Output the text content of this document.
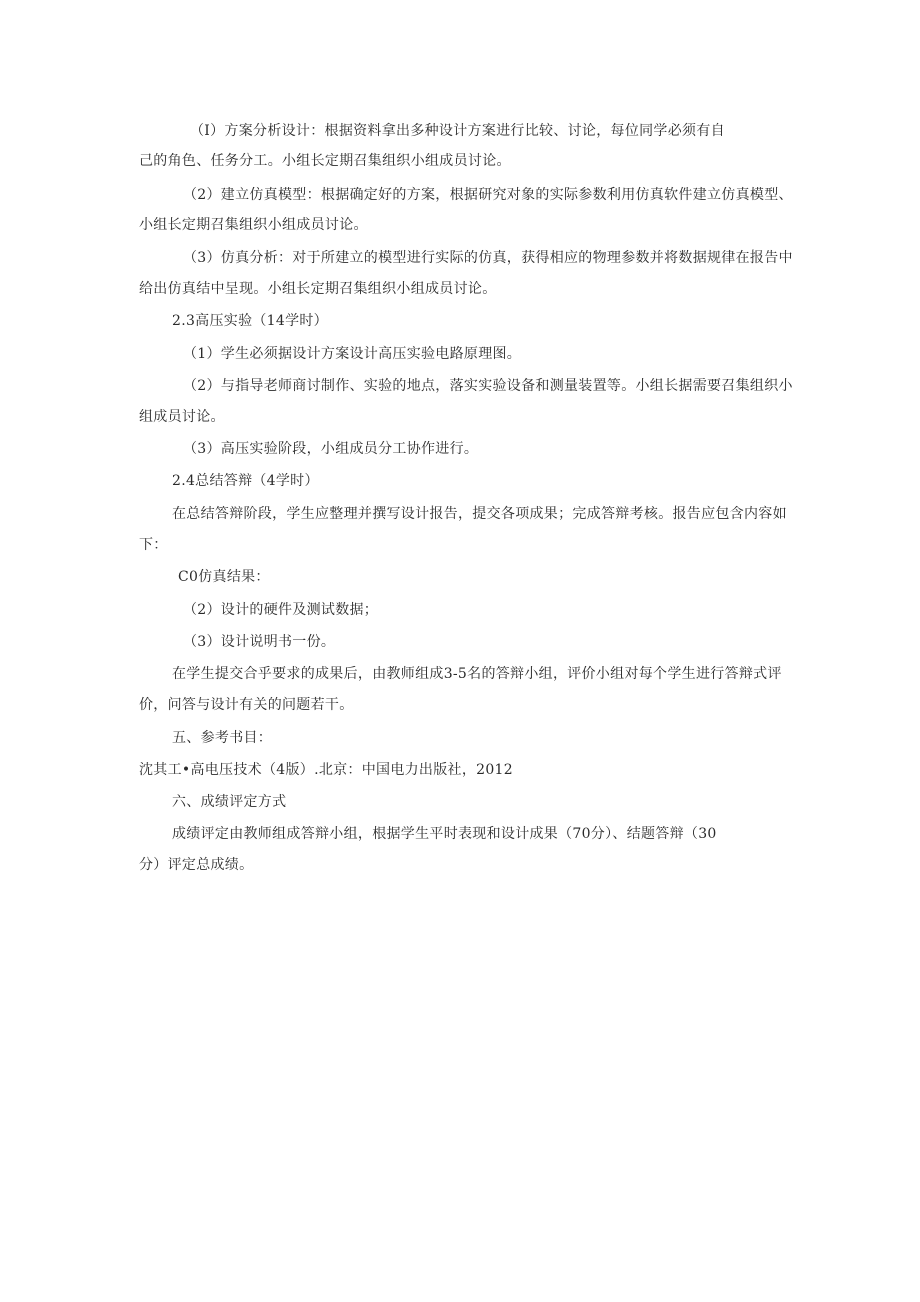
（I）方案分析设计：根据资料拿出多种设计方案进行比较、讨论，每位同学必须有自
己的角色、任务分工。小组长定期召集组织小组成员讨论。
（2）建立仿真模型：根据确定好的方案，根据研究对象的实际参数利用仿真软件建立仿真模型、
小组长定期召集组织小组成员讨论。
（3）仿真分析：对于所建立的模型进行实际的仿真，获得相应的物理参数并将数据规律在报告中
给出仿真结中呈现。小组长定期召集组织小组成员讨论。
2.3高压实验（14学时）
（1）学生必须据设计方案设计高压实验电路原理图。
（2）与指导老师商讨制作、实验的地点，落实实验设备和测量装置等。小组长据需要召集组织小
组成员讨论。
（3）高压实验阶段，小组成员分工协作进行。
2.4总结答辩（4学时）
在总结答辩阶段，学生应整理并撰写设计报告，提交各项成果；完成答辩考核。报告应包含内容如
下：
C0仿真结果：
（2）设计的硬件及测试数据；
（3）设计说明书一份。
在学生提交合乎要求的成果后，由教师组成3-5名的答辩小组，评价小组对每个学生进行答辩式评
价，问答与设计有关的问题若干。
五、参考书目：
沈其工•高电压技术（4版）.北京：中国电力出版社，2012
六、成绩评定方式
成绩评定由教师组成答辩小组，根据学生平时表现和设计成果（70分）、结题答辩（30
分）评定总成绩。
